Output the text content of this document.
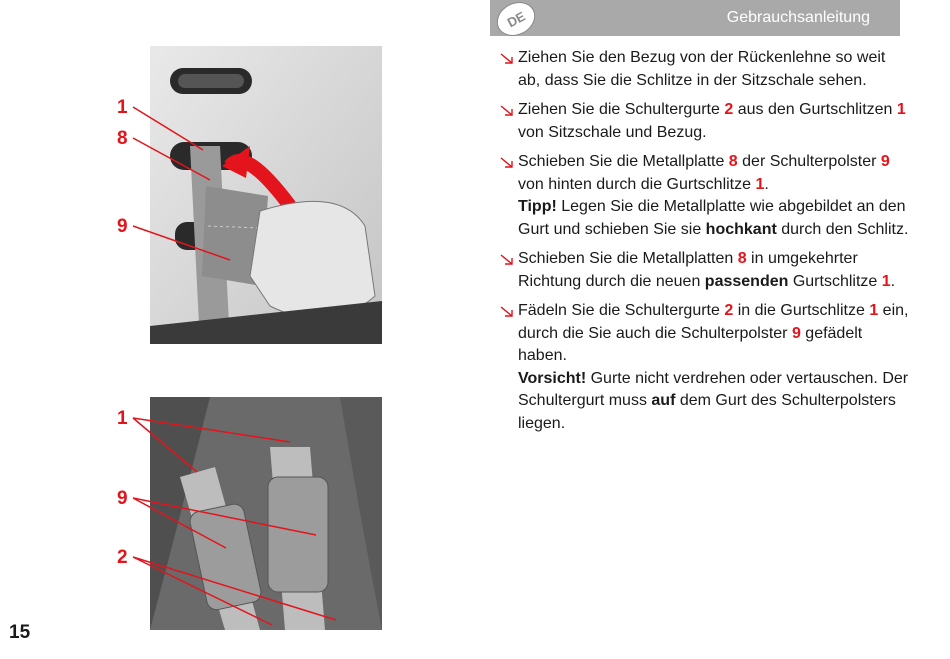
Gebrauchsanleitung
DE
1
8
9
1
9
2
Ziehen Sie den Bezug von der Rückenlehne so weit ab, dass Sie die Schlitze in der Sitzschale sehen.
Ziehen Sie die Schultergurte 2 aus den Gurtschlitzen 1 von Sitzschale und Bezug.
Schieben Sie die Metallplatte 8 der Schulterpolster 9 von hinten durch die Gurtschlitze 1.
Tipp! Legen Sie die Metallplatte wie abgebildet an den Gurt und schieben Sie sie hochkant durch den Schlitz.
Schieben Sie die Metallplatten 8 in umgekehrter Richtung durch die neuen passenden Gurtschlitze 1.
Fädeln Sie die Schultergurte 2 in die Gurtschlitze 1 ein, durch die Sie auch die Schulterpolster 9 gefädelt haben.
Vorsicht! Gurte nicht verdrehen oder vertauschen. Der Schultergurt muss auf dem Gurt des Schulterpolsters liegen.
15
